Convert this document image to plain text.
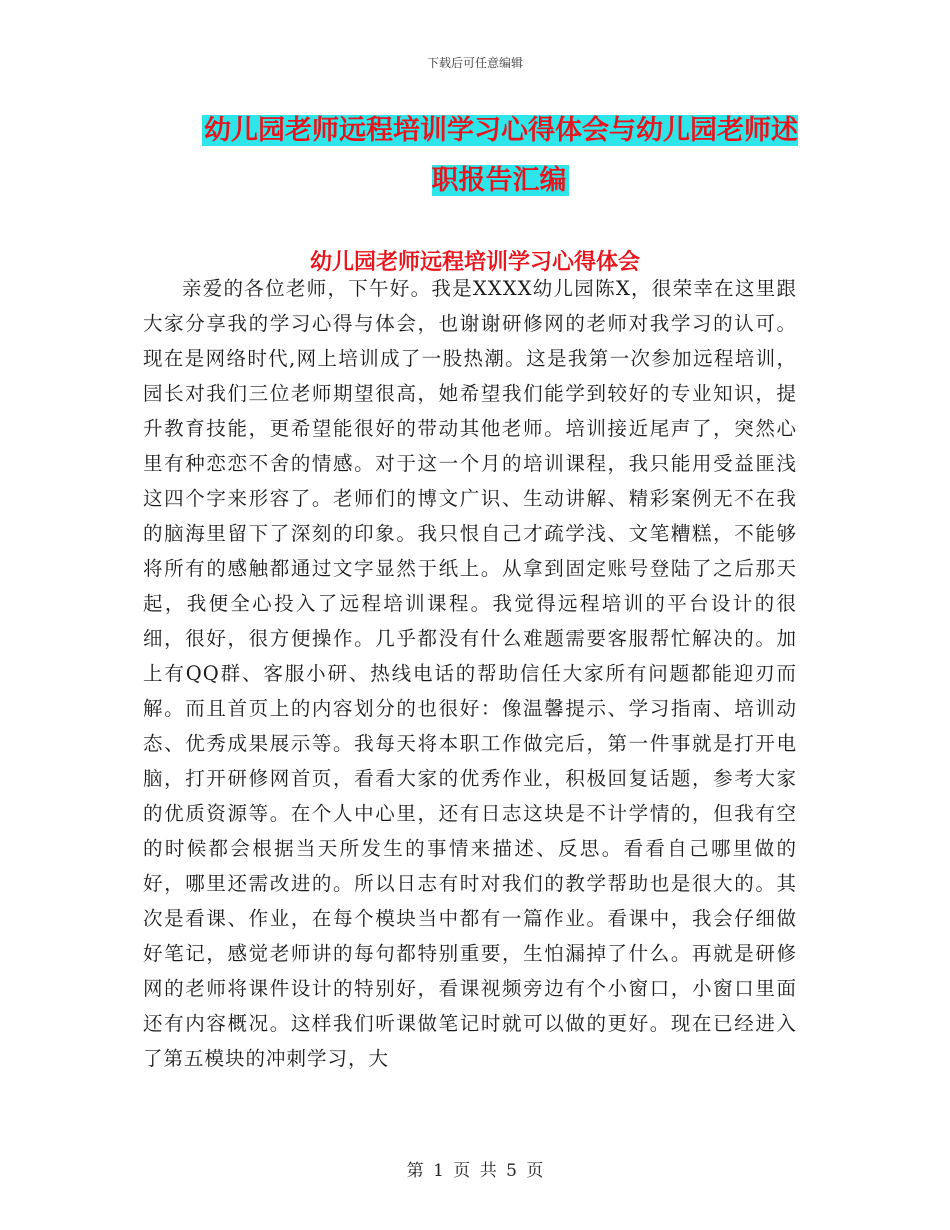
下载后可任意编辑
幼儿园老师远程培训学习心得体会与幼儿园老师述职报告汇编
幼儿园老师远程培训学习心得体会
亲爱的各位老师，下午好。我是XXXX幼儿园陈X，很荣幸在这里跟大家分享我的学习心得与体会，也谢谢研修网的老师对我学习的认可。现在是网络时代,网上培训成了一股热潮。这是我第一次参加远程培训，园长对我们三位老师期望很高，她希望我们能学到较好的专业知识，提升教育技能，更希望能很好的带动其他老师。培训接近尾声了，突然心里有种恋恋不舍的情感。对于这一个月的培训课程，我只能用受益匪浅这四个字来形容了。老师们的博文广识、生动讲解、精彩案例无不在我的脑海里留下了深刻的印象。我只恨自己才疏学浅、文笔糟糕，不能够将所有的感触都通过文字显然于纸上。从拿到固定账号登陆了之后那天起，我便全心投入了远程培训课程。我觉得远程培训的平台设计的很细，很好，很方便操作。几乎都没有什么难题需要客服帮忙解决的。加上有QQ群、客服小研、热线电话的帮助信任大家所有问题都能迎刃而解。而且首页上的内容划分的也很好：像温馨提示、学习指南、培训动态、优秀成果展示等。我每天将本职工作做完后，第一件事就是打开电脑，打开研修网首页，看看大家的优秀作业，积极回复话题，参考大家的优质资源等。在个人中心里，还有日志这块是不计学情的，但我有空的时候都会根据当天所发生的事情来描述、反思。看看自己哪里做的好，哪里还需改进的。所以日志有时对我们的教学帮助也是很大的。其次是看课、作业，在每个模块当中都有一篇作业。看课中，我会仔细做好笔记，感觉老师讲的每句都特别重要，生怕漏掉了什么。再就是研修网的老师将课件设计的特别好，看课视频旁边有个小窗口，小窗口里面还有内容概况。这样我们听课做笔记时就可以做的更好。现在已经进入了第五模块的冲刺学习，大
第 1 页 共 5 页
